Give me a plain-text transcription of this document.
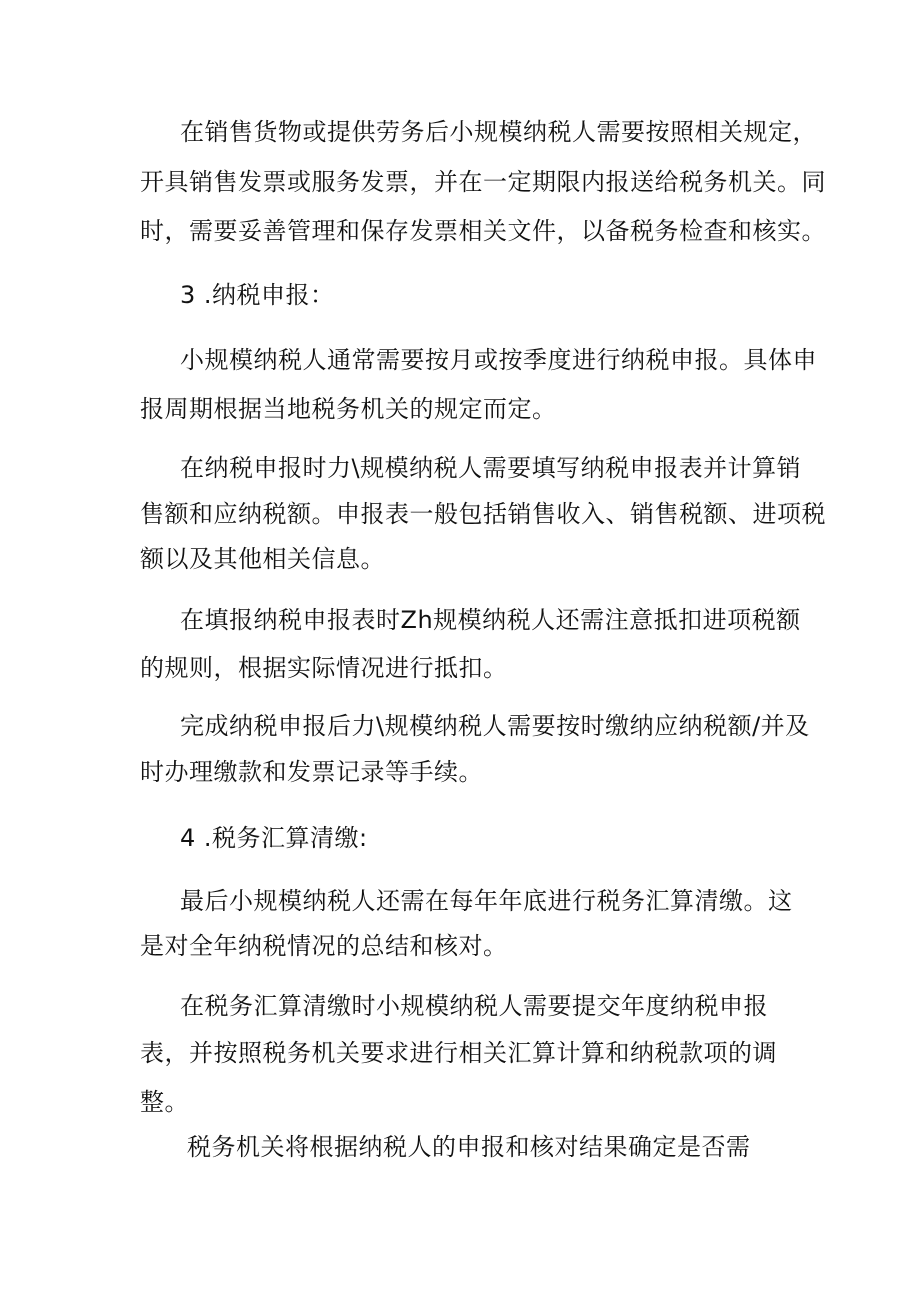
在销售货物或提供劳务后小规模纳税人需要按照相关规定，
开具销售发票或服务发票，并在一定期限内报送给税务机关。同
时，需要妥善管理和保存发票相关文件，以备税务检查和核实。
3 .纳税申报：
小规模纳税人通常需要按月或按季度进行纳税申报。具体申
报周期根据当地税务机关的规定而定。
在纳税申报时力\规模纳税人需要填写纳税申报表并计算销
售额和应纳税额。申报表一般包括销售收入、销售税额、进项税
额以及其他相关信息。
在填报纳税申报表时Zh规模纳税人还需注意抵扣进项税额
的规则，根据实际情况进行抵扣。
完成纳税申报后力\规模纳税人需要按时缴纳应纳税额/并及
时办理缴款和发票记录等手续。
4 .税务汇算清缴:
最后小规模纳税人还需在每年年底进行税务汇算清缴。这
是对全年纳税情况的总结和核对。
在税务汇算清缴时小规模纳税人需要提交年度纳税申报
表，并按照税务机关要求进行相关汇算计算和纳税款项的调
整。
税务机关将根据纳税人的申报和核对结果确定是否需
